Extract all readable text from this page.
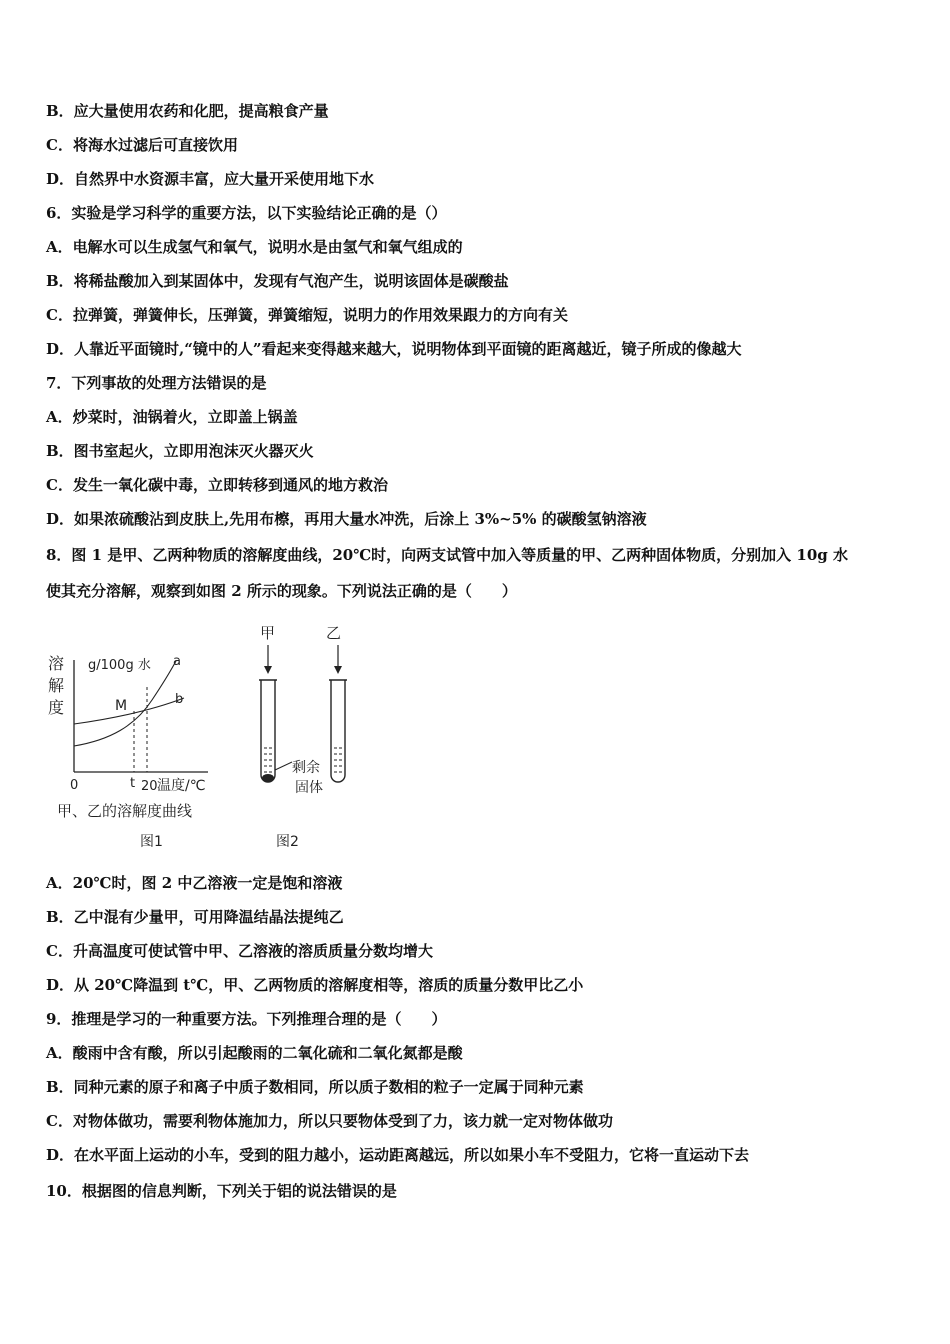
B．应大量使用农药和化肥，提高粮食产量
C．将海水过滤后可直接饮用
D．自然界中水资源丰富，应大量开采使用地下水
6．实验是学习科学的重要方法，以下实验结论正确的是（）
A．电解水可以生成氢气和氧气，说明水是由氢气和氧气组成的
B．将稀盐酸加入到某固体中，发现有气泡产生，说明该固体是碳酸盐
C．拉弹簧，弹簧伸长，压弹簧，弹簧缩短，说明力的作用效果跟力的方向有关
D．人靠近平面镜时,“镜中的人”看起来变得越来越大，说明物体到平面镜的距离越近，镜子所成的像越大
7．下列事故的处理方法错误的是
A．炒菜时，油锅着火，立即盖上锅盖
B．图书室起火，立即用泡沫灭火器灭火
C．发生一氧化碳中毒，立即转移到通风的地方救治
D．如果浓硫酸沾到皮肤上,先用布檫，再用大量水冲洗，后涂上 3%~5% 的碳酸氢钠溶液
8．图 1 是甲、乙两种物质的溶解度曲线，20℃时，向两支试管中加入等质量的甲、乙两种固体物质，分别加入 10g 水
使其充分溶解，观察到如图 2 所示的现象。下列说法正确的是（　　）
溶
解
度
g/100g 水 a
b
M
0	t 20 温度/℃
甲、乙的溶解度曲线
图1
甲	乙
剩余
固体
图2
A．20℃时，图 2 中乙溶液一定是饱和溶液
B．乙中混有少量甲，可用降温结晶法提纯乙
C．升高温度可使试管中甲、乙溶液的溶质质量分数均增大
D．从 20℃降温到 t℃，甲、乙两物质的溶解度相等，溶质的质量分数甲比乙小
9．推理是学习的一种重要方法。下列推理合理的是（　　）
A．酸雨中含有酸，所以引起酸雨的二氧化硫和二氧化氮都是酸
B．同种元素的原子和离子中质子数相同，所以质子数相的粒子一定属于同种元素
C．对物体做功，需要利物体施加力，所以只要物体受到了力，该力就一定对物体做功
D．在水平面上运动的小车，受到的阻力越小，运动距离越远，所以如果小车不受阻力，它将一直运动下去
10．根据图的信息判断，下列关于铝的说法错误的是
